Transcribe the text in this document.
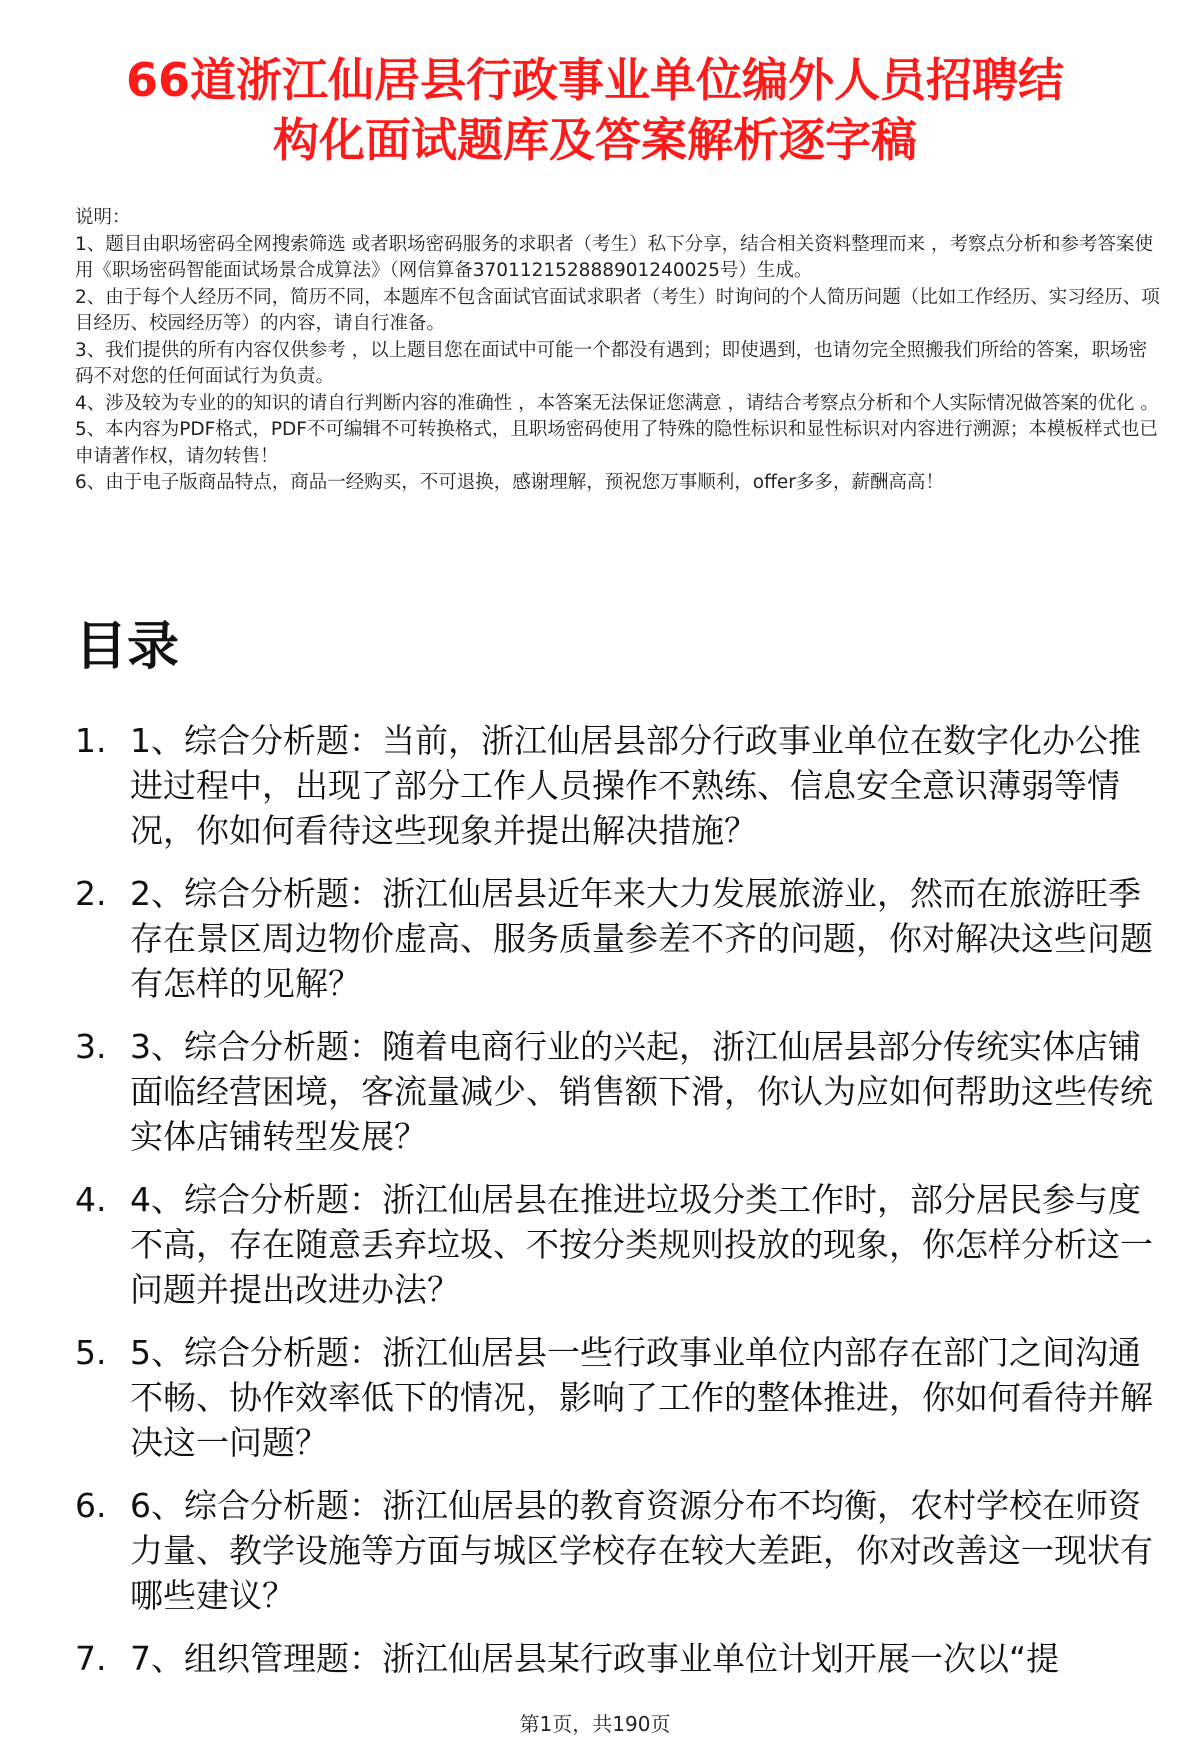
66道浙江仙居县行政事业单位编外人员招聘结
构化面试题库及答案解析逐字稿

说明：

1、题目由职场密码全网搜索筛选 或者职场密码服务的求职者（考生）私下分享，结合相关资料整理而来 ，考察点分析和参考答案使用《职场密码智能面试场景合成算法》（网信算备370112152888901240025号）生成。

2、由于每个人经历不同，简历不同，本题库不包含面试官面试求职者（考生）时询问的个人简历问题（比如工作经历、实习经历、项目经历、校园经历等）的内容，请自行准备。

3、我们提供的所有内容仅供参考 ，以上题目您在面试中可能一个都没有遇到；即使遇到，也请勿完全照搬我们所给的答案，职场密码不对您的任何面试行为负责。

4、涉及较为专业的的知识的请自行判断内容的准确性 ，本答案无法保证您满意 ，请结合考察点分析和个人实际情况做答案的优化 。

5、本内容为PDF格式，PDF不可编辑不可转换格式，且职场密码使用了特殊的隐性标识和显性标识对内容进行溯源；本模板样式也已申请著作权，请勿转售！

6、由于电子版商品特点，商品一经购买，不可退换，感谢理解，预祝您万事顺利，offer多多，薪酬高高！

目录
1. 1、综合分析题：当前，浙江仙居县部分行政事业单位在数字化办公推进过程中，出现了部分工作人员操作不熟练、信息安全意识薄弱等情况，你如何看待这些现象并提出解决措施？
2. 2、综合分析题：浙江仙居县近年来大力发展旅游业，然而在旅游旺季存在景区周边物价虚高、服务质量参差不齐的问题，你对解决这些问题有怎样的见解？
3. 3、综合分析题：随着电商行业的兴起，浙江仙居县部分传统实体店铺面临经营困境，客流量减少、销售额下滑，你认为应如何帮助这些传统实体店铺转型发展？
4. 4、综合分析题：浙江仙居县在推进垃圾分类工作时，部分居民参与度不高，存在随意丢弃垃圾、不按分类规则投放的现象，你怎样分析这一问题并提出改进办法？
5. 5、综合分析题：浙江仙居县一些行政事业单位内部存在部门之间沟通不畅、协作效率低下的情况，影响了工作的整体推进，你如何看待并解决这一问题？
6. 6、综合分析题：浙江仙居县的教育资源分布不均衡，农村学校在师资力量、教学设施等方面与城区学校存在较大差距，你对改善这一现状有哪些建议？
7. 7、组织管理题：浙江仙居县某行政事业单位计划开展一次以“提
第1页，共190页
